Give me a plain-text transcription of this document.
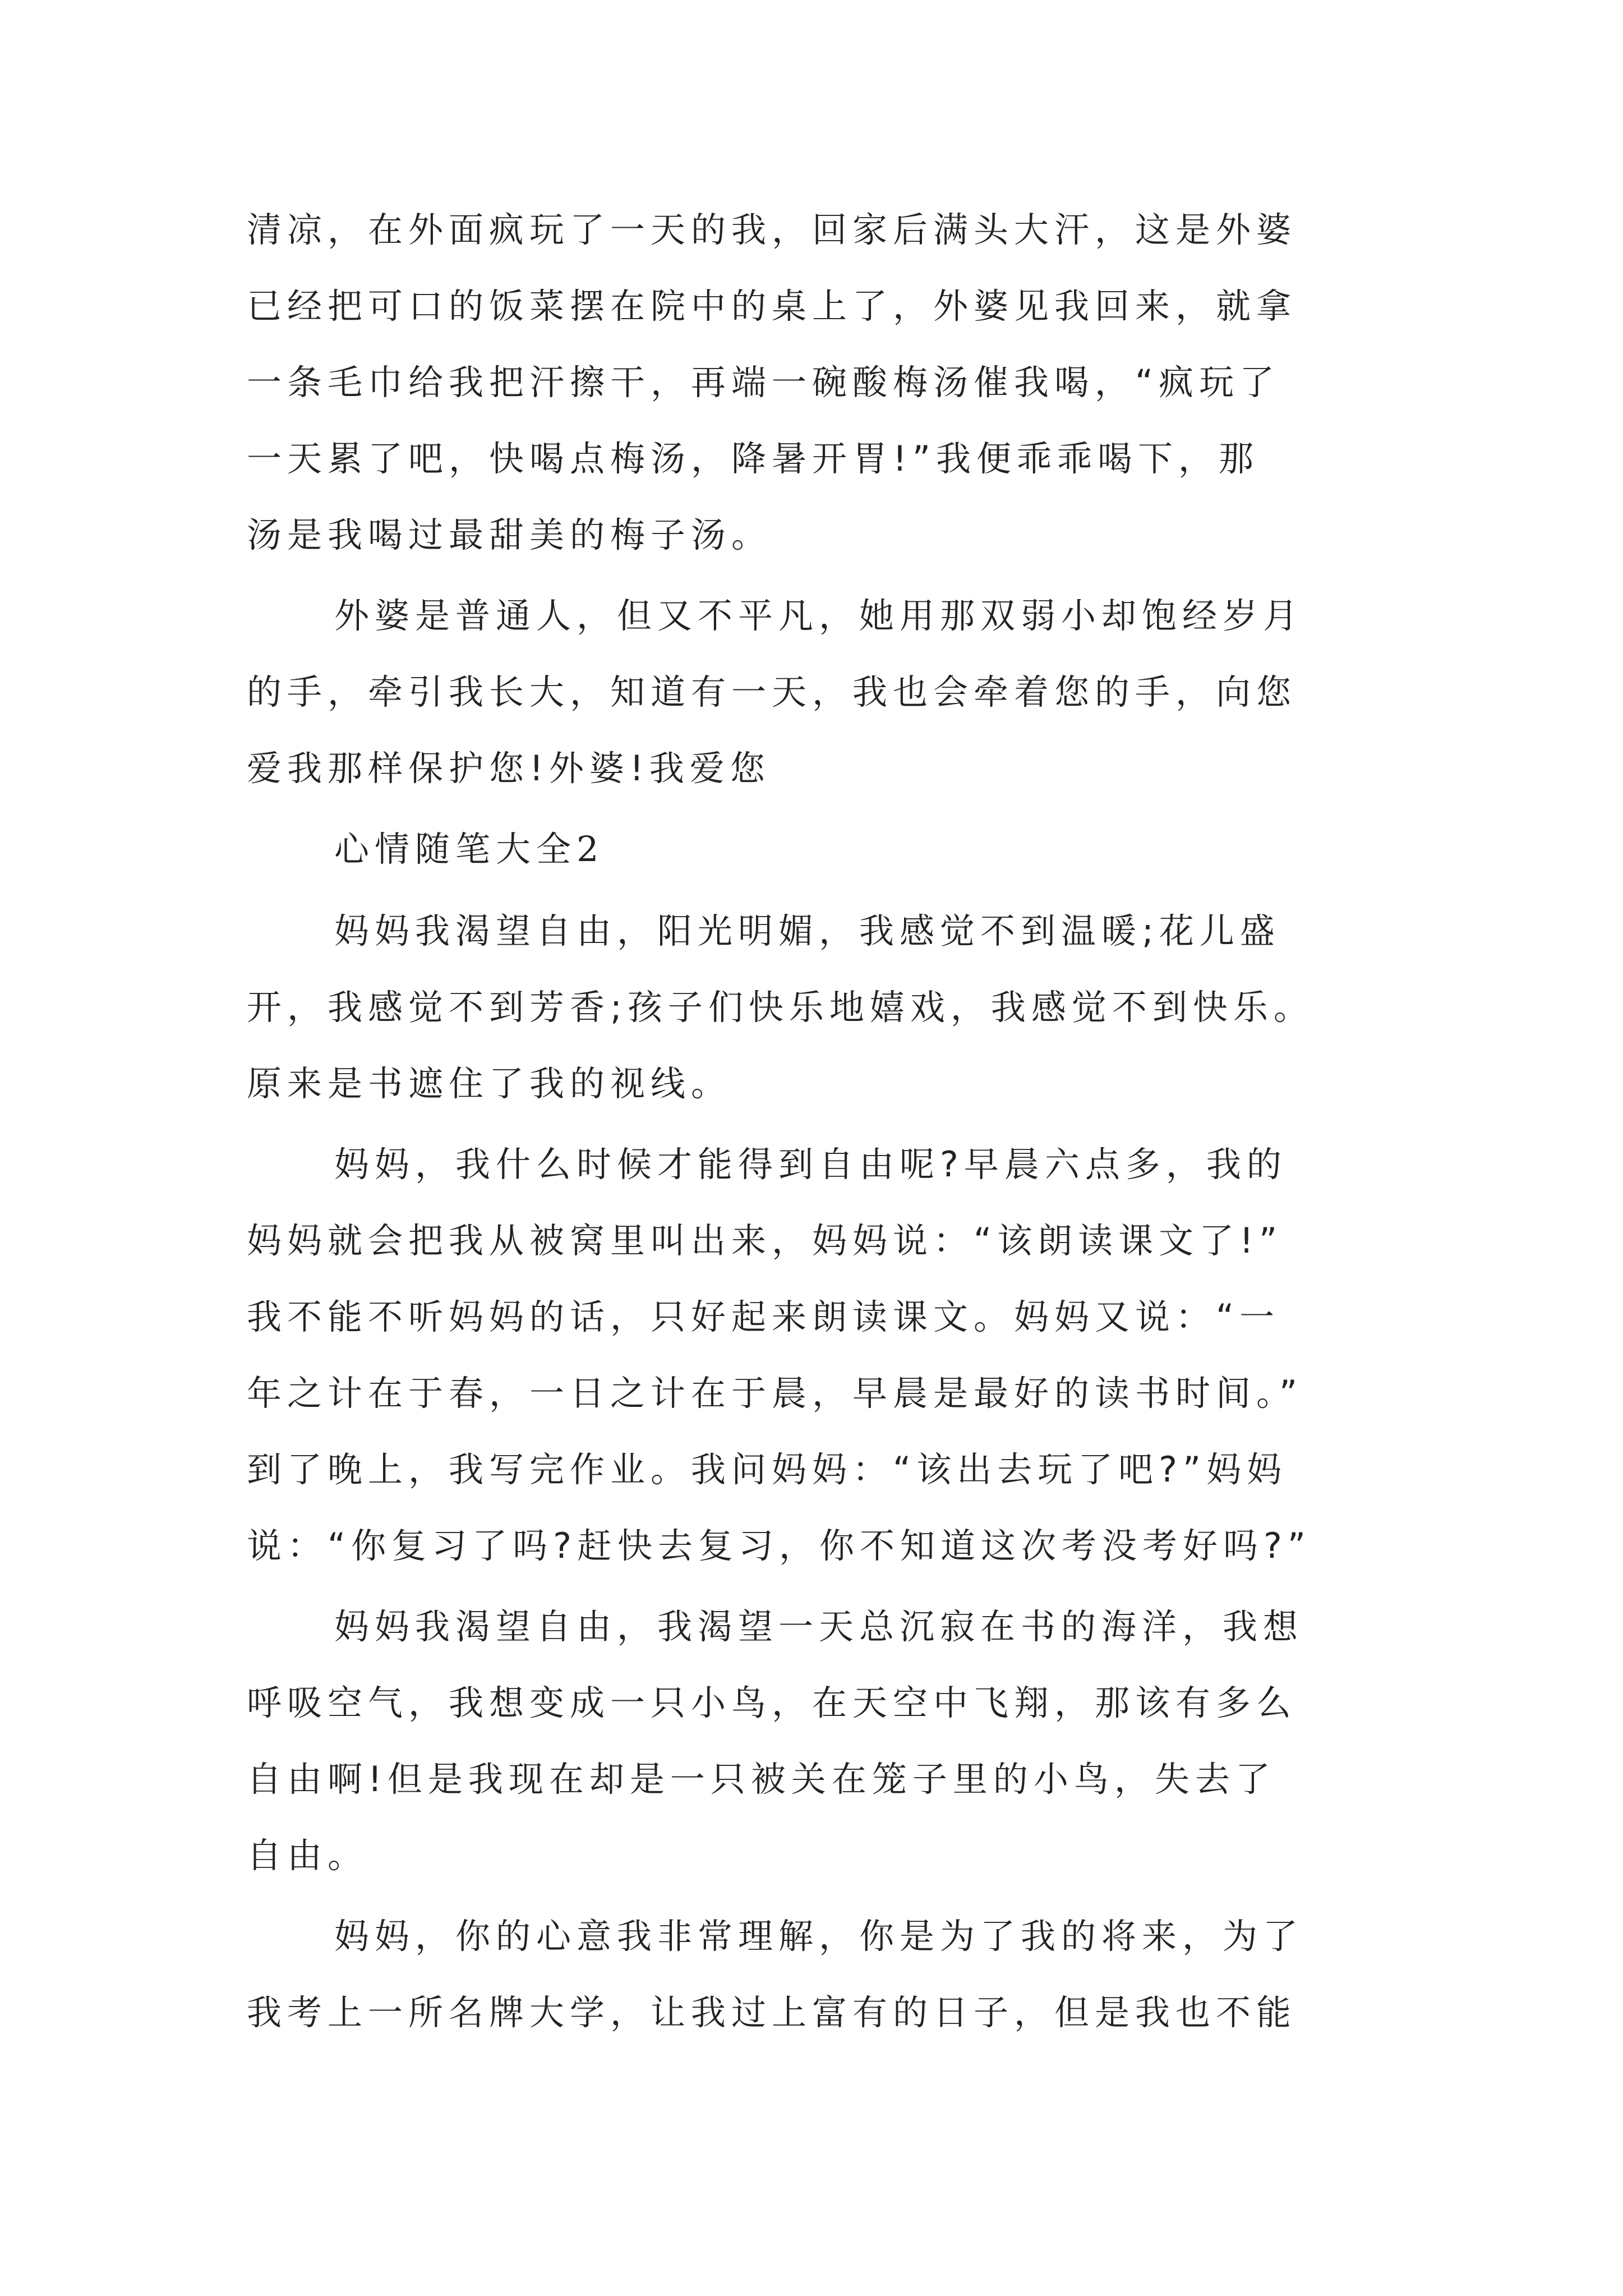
清凉，在外面疯玩了一天的我，回家后满头大汗，这是外婆
已经把可口的饭菜摆在院中的桌上了，外婆见我回来，就拿
一条毛巾给我把汗擦干，再端一碗酸梅汤催我喝，“疯玩了
一天累了吧，快喝点梅汤，降暑开胃!”我便乖乖喝下，那
汤是我喝过最甜美的梅子汤。
外婆是普通人，但又不平凡，她用那双弱小却饱经岁月
的手，牵引我长大，知道有一天，我也会牵着您的手，向您
爱我那样保护您!外婆!我爱您
心情随笔大全2
妈妈我渴望自由，阳光明媚，我感觉不到温暖;花儿盛
开，我感觉不到芳香;孩子们快乐地嬉戏，我感觉不到快乐。
原来是书遮住了我的视线。
妈妈，我什么时候才能得到自由呢?早晨六点多，我的
妈妈就会把我从被窝里叫出来，妈妈说：“该朗读课文了!”
我不能不听妈妈的话，只好起来朗读课文。妈妈又说：“一
年之计在于春，一日之计在于晨，早晨是最好的读书时间。”
到了晚上，我写完作业。我问妈妈：“该出去玩了吧?”妈妈
说：“你复习了吗?赶快去复习，你不知道这次考没考好吗?”
妈妈我渴望自由，我渴望一天总沉寂在书的海洋，我想
呼吸空气，我想变成一只小鸟，在天空中飞翔，那该有多么
自由啊!但是我现在却是一只被关在笼子里的小鸟，失去了
自由。
妈妈，你的心意我非常理解，你是为了我的将来，为了
我考上一所名牌大学，让我过上富有的日子，但是我也不能
